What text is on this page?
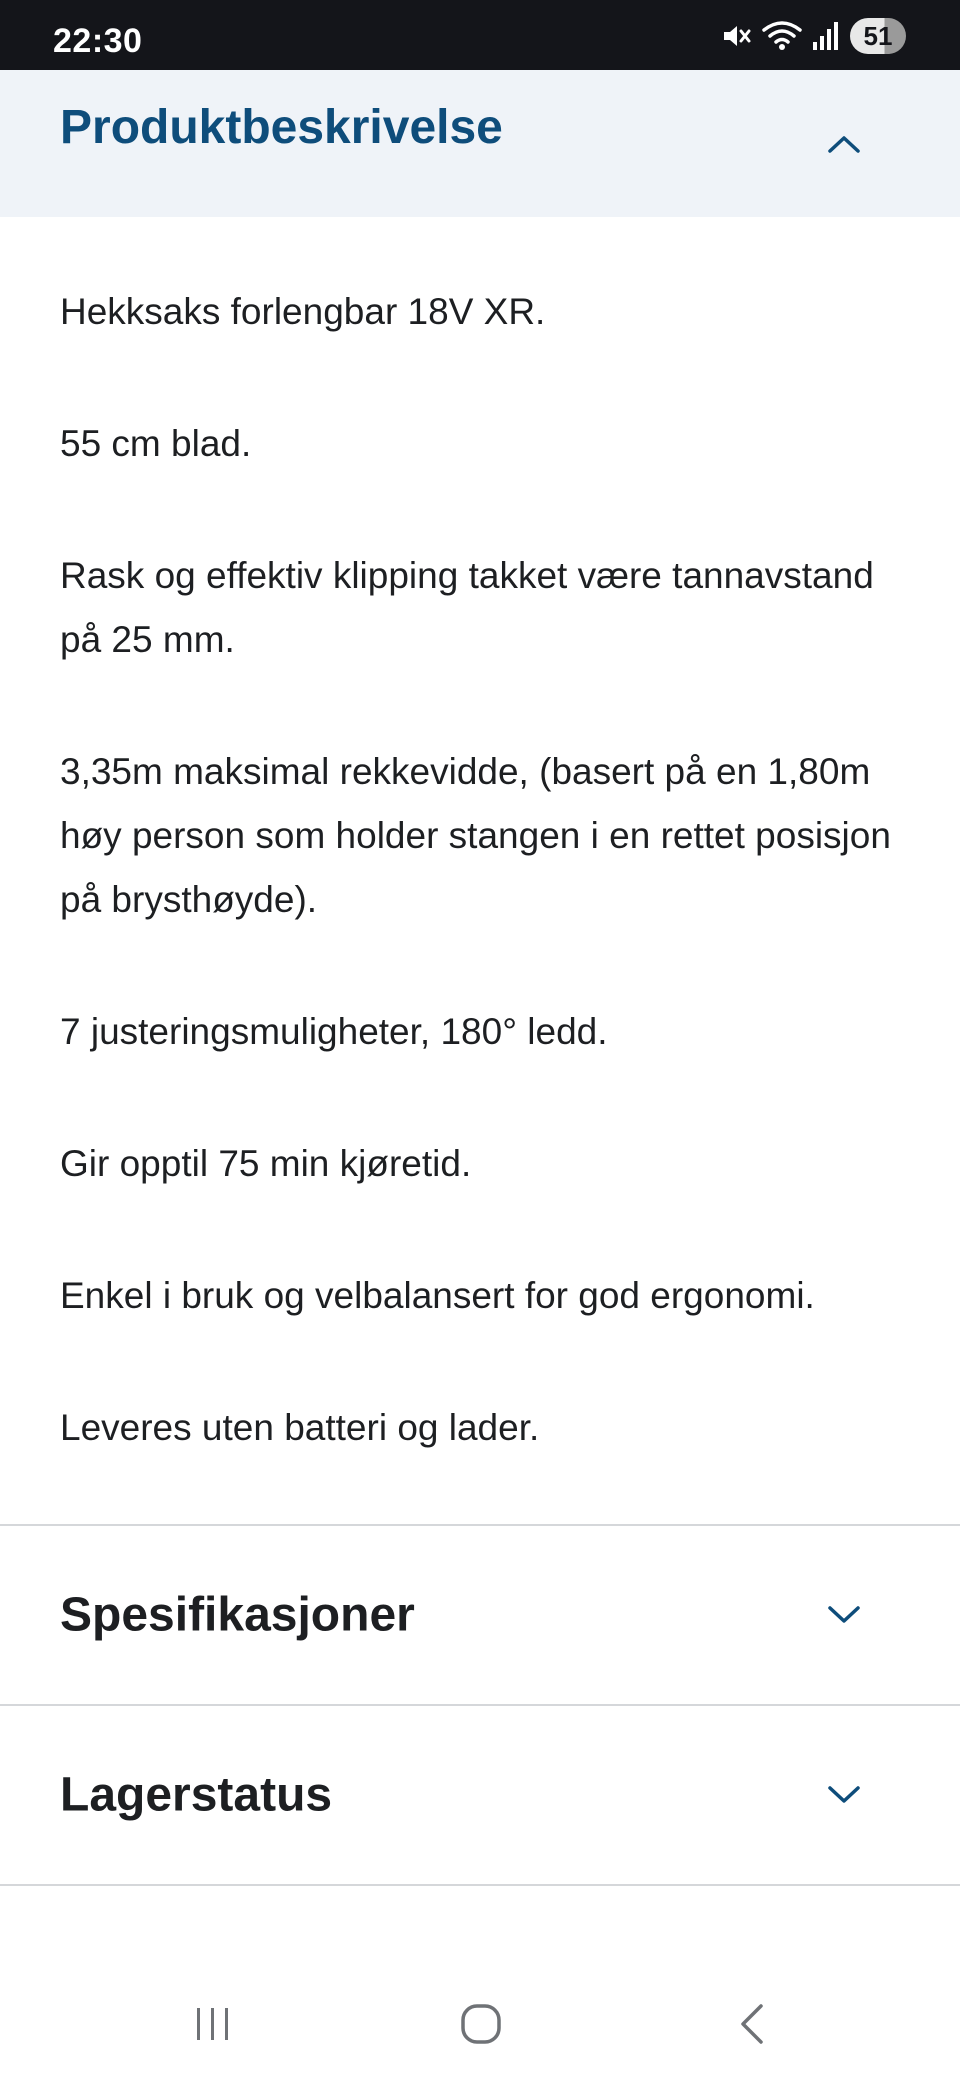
22:30	51
Produktbeskrivelse

Hekksaks forlengbar 18V XR.

55 cm blad.

Rask og effektiv klipping takket være tannavstand på 25 mm.

3,35m maksimal rekkevidde, (basert på en 1,80m høy person som holder stangen i en rettet posisjon på brysthøyde).

7 justeringsmuligheter, 180° ledd.

Gir opptil 75 min kjøretid.

Enkel i bruk og velbalansert for god ergonomi.

Leveres uten batteri og lader.

Spesifikasjoner
Lagerstatus
